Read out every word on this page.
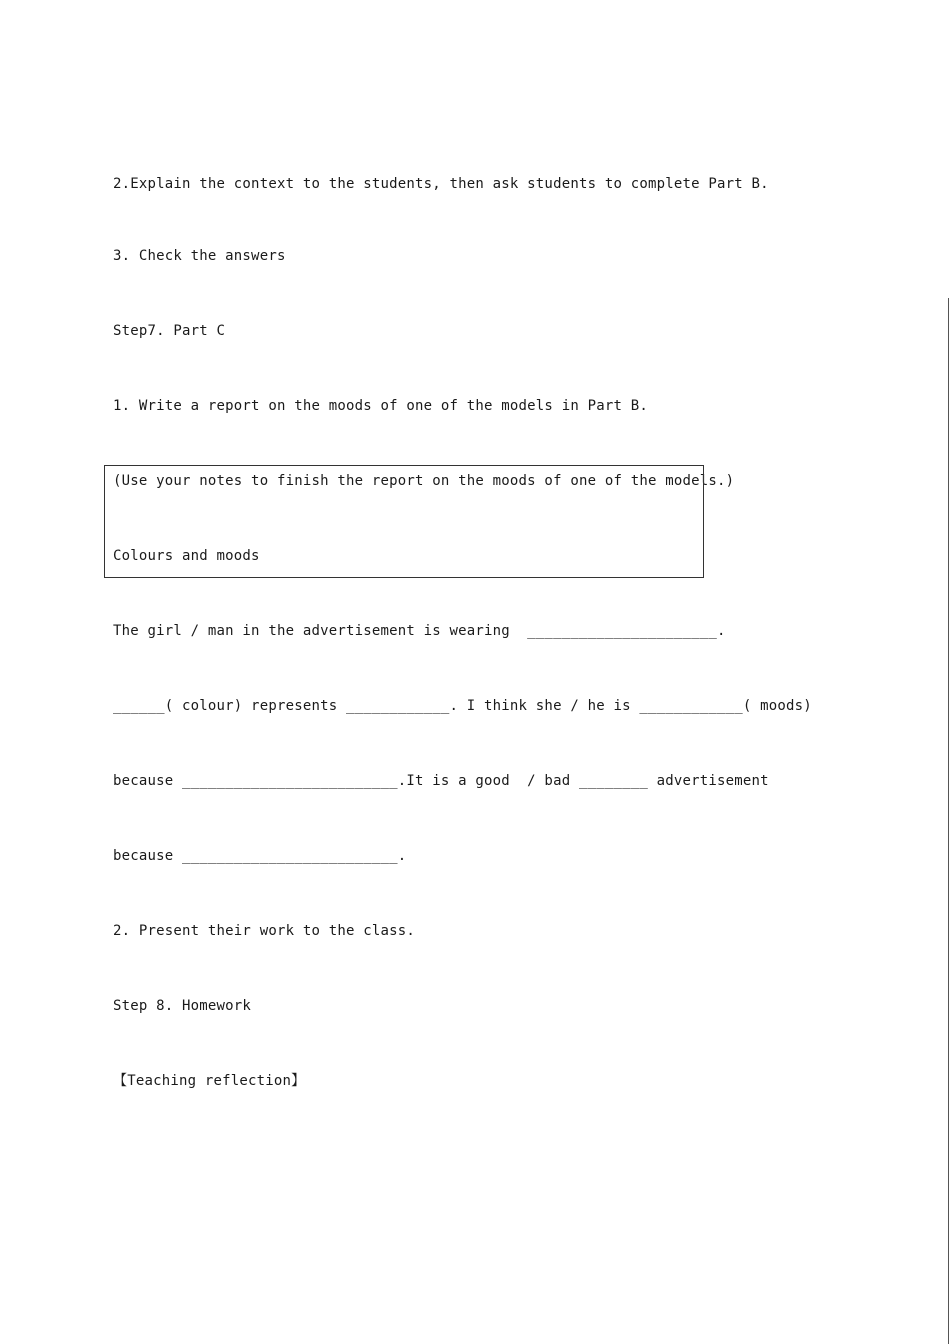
2.Explain the context to the students, then ask students to complete Part B.

3. Check the answers

Step7. Part C

1. Write a report on the moods of one of the models in Part B.

(Use your notes to finish the report on the moods of one of the models.)

Colours and moods

The girl / man in the advertisement is wearing  ______________________.

______( colour) represents ____________. I think she / he is ____________( moods)

because _________________________.It is a good  / bad ________ advertisement

because _________________________.

2. Present their work to the class.

Step 8. Homework

【Teaching reflection】
